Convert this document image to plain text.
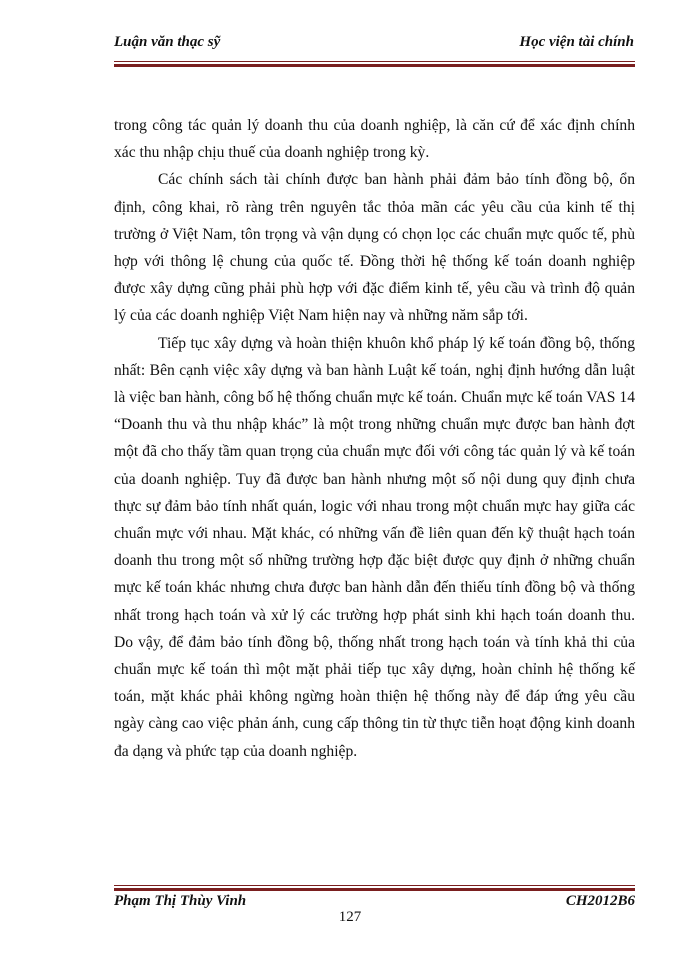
Luận văn thạc sỹ	Học viện tài chính

trong công tác quản lý doanh thu của doanh nghiệp, là căn cứ để xác định chính xác thu nhập chịu thuế của doanh nghiệp trong kỳ.

Các chính sách tài chính được ban hành phải đảm bảo tính đồng bộ, ổn định, công khai, rõ ràng trên nguyên tắc thỏa mãn các yêu cầu của kinh tế thị trường ở Việt Nam, tôn trọng và vận dụng có chọn lọc các chuẩn mực quốc tế, phù hợp với thông lệ chung của quốc tế. Đồng thời hệ thống kế toán doanh nghiệp được xây dựng cũng phải phù hợp với đặc điểm kinh tế, yêu cầu và trình độ quản lý của các doanh nghiệp Việt Nam hiện nay và những năm sắp tới.

Tiếp tục xây dựng và hoàn thiện khuôn khổ pháp lý kế toán đồng bộ, thống nhất: Bên cạnh việc xây dựng và ban hành Luật kế toán, nghị định hướng dẫn luật là việc ban hành, công bố hệ thống chuẩn mực kế toán. Chuẩn mực kế toán VAS 14 “Doanh thu và thu nhập khác” là một trong những chuẩn mực được ban hành đợt một đã cho thấy tầm quan trọng của chuẩn mực đối với công tác quản lý và kế toán của doanh nghiệp. Tuy đã được ban hành nhưng một số nội dung quy định chưa thực sự đảm bảo tính nhất quán, logic với nhau trong một chuẩn mực hay giữa các chuẩn mực với nhau. Mặt khác, có những vấn đề liên quan đến kỹ thuật hạch toán doanh thu trong một số những trường hợp đặc biệt được quy định ở những chuẩn mực kế toán khác nhưng chưa được ban hành dẫn đến thiếu tính đồng bộ và thống nhất trong hạch toán và xử lý các trường hợp phát sinh khi hạch toán doanh thu. Do vậy, để đảm bảo tính đồng bộ, thống nhất trong hạch toán và tính khả thi của chuẩn mực kế toán thì một mặt phải tiếp tục xây dựng, hoàn chỉnh hệ thống kế toán, mặt khác phải không ngừng hoàn thiện hệ thống này để đáp ứng yêu cầu ngày càng cao việc phản ánh, cung cấp thông tin từ thực tiễn hoạt động kinh doanh đa dạng và phức tạp của doanh nghiệp.

Phạm Thị Thùy Vinh	CH2012B6
127
